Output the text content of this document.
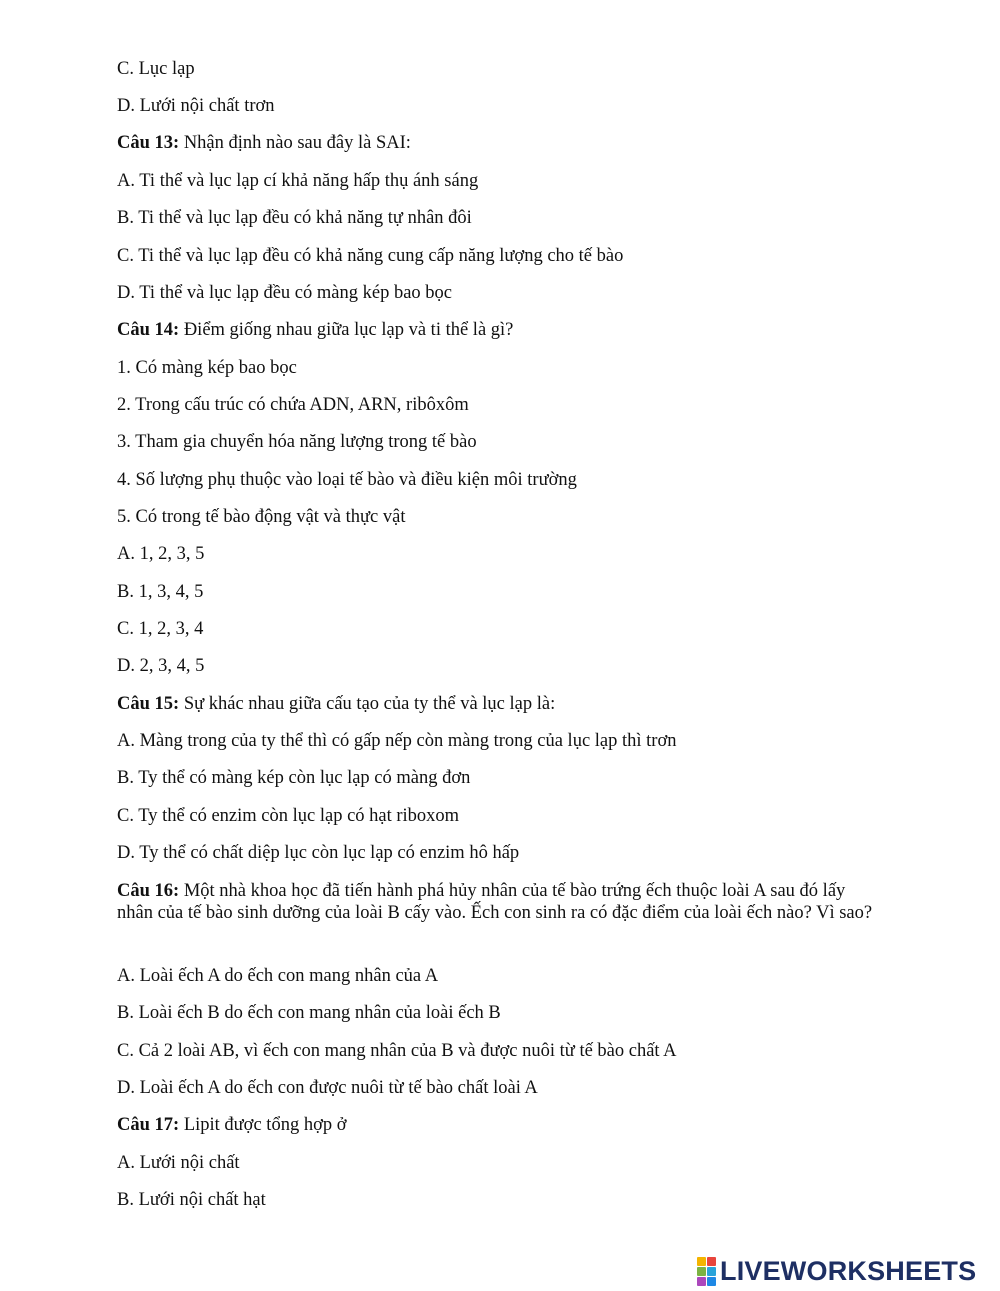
C. Lục lạp
D. Lưới nội chất trơn
Câu 13: Nhận định nào sau đây là SAI:
A. Ti thể và lục lạp cí khả năng hấp thụ ánh sáng
B. Ti thể và lục lạp đều có khả năng tự nhân đôi
C. Ti thể và lục lạp đều có khả năng cung cấp năng lượng cho tế bào
D. Ti thể và lục lạp đều có màng kép bao bọc
Câu 14: Điểm giống nhau giữa lục lạp và ti thể là gì?
1. Có màng kép bao bọc
2. Trong cấu trúc có chứa ADN, ARN, ribôxôm
3. Tham gia chuyển hóa năng lượng trong tế bào
4. Số lượng phụ thuộc vào loại tế bào và điều kiện môi trường
5. Có trong tế bào động vật và thực vật
A. 1, 2, 3, 5
B. 1, 3, 4, 5
C. 1, 2, 3, 4
D. 2, 3, 4, 5
Câu 15: Sự khác nhau giữa cấu tạo của ty thể và lục lạp là:
A. Màng trong của ty thể thì có gấp nếp còn màng trong của lục lạp thì trơn
B. Ty thể có màng kép còn lục lạp có màng đơn
C. Ty thể có enzim còn lục lạp có hạt riboxom
D. Ty thể có chất diệp lục còn lục lạp có enzim hô hấp
Câu 16: Một nhà khoa học đã tiến hành phá hủy nhân của tế bào trứng ếch thuộc loài A sau đó lấy nhân của tế bào sinh dưỡng của loài B cấy vào. Ếch con sinh ra có đặc điểm của loài ếch nào? Vì sao?
A. Loài ếch A do ếch con mang nhân của A
B. Loài ếch B do ếch con mang nhân của loài ếch B
C. Cả 2 loài AB, vì ếch con mang nhân của B và được nuôi từ tế bào chất A
D. Loài ếch A do ếch con được nuôi từ tế bào chất loài A
Câu 17: Lipit được tổng hợp ở
A. Lưới nội chất
B. Lưới nội chất hạt
LIVEWORKSHEETS
